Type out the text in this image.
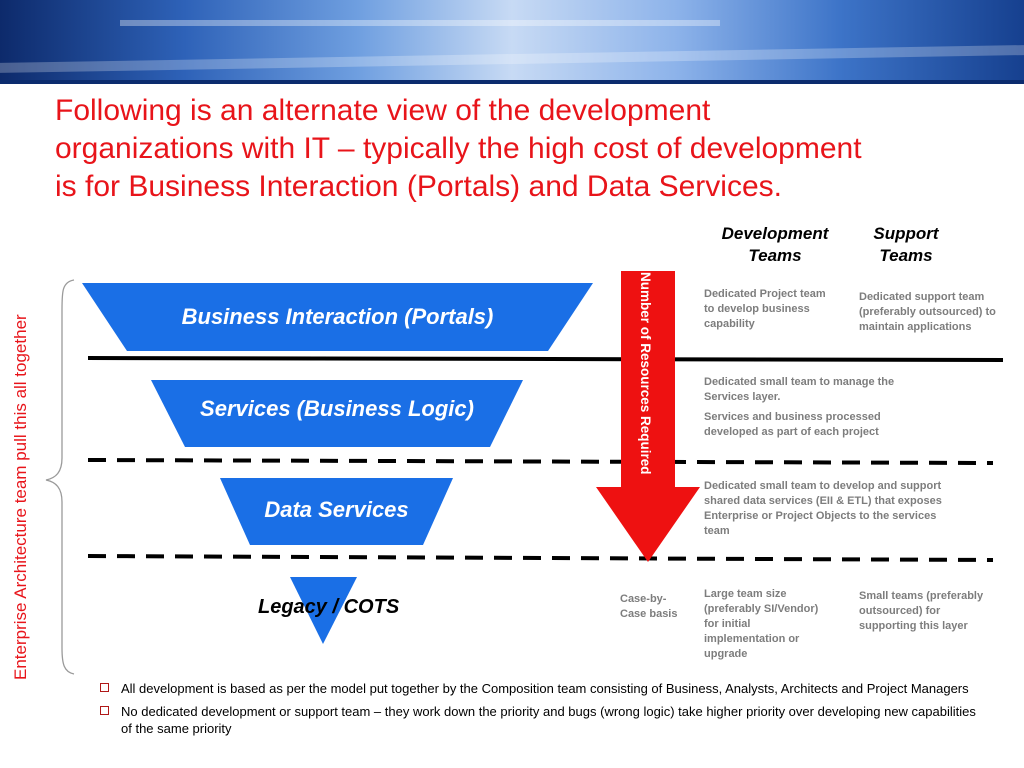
Following is an alternate view of the development organizations with IT – typically the high cost of development is for Business Interaction (Portals) and Data Services.
Number of Resources Required
Enterprise Architecture team pull this all together
Development Teams
Support Teams
Business Interaction (Portals)
Services (Business Logic)
Data Services
Legacy / COTS
Dedicated Project team to develop business capability
Dedicated support team (preferably outsourced) to maintain applications

Dedicated small team to manage the Services layer.

Services and business processed developed as part of each project

Dedicated small team to develop and support shared data services (EII & ETL) that exposes Enterprise or Project Objects to the services team
Case-by-Case basis
Large team size (preferably SI/Vendor) for initial implementation or upgrade
Small teams (preferably outsourced) for supporting this layer
All development is based as per the model put together by the Composition team consisting of Business, Analysts, Architects and Project Managers
No dedicated development or support team – they work down the priority and bugs (wrong logic) take higher priority over developing new capabilities of the same priority
